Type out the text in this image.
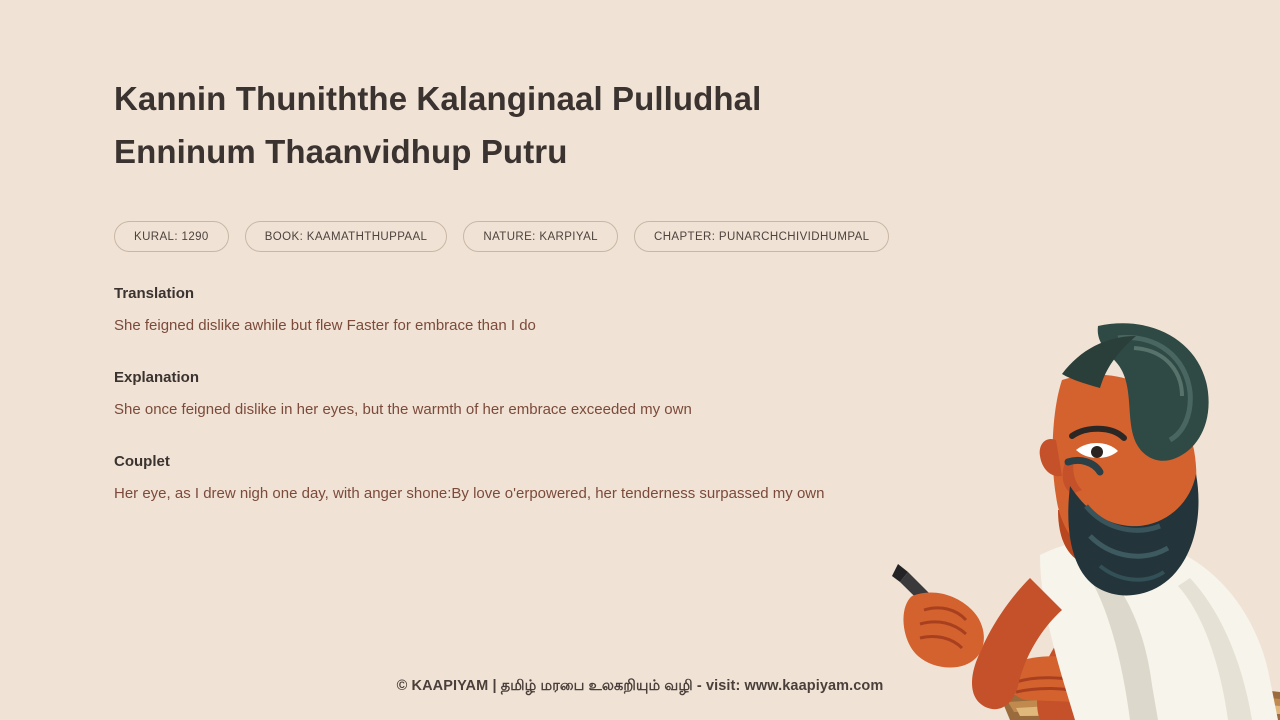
Kannin Thuniththe Kalanginaal Pulludhal
Enninum Thaanvidhup Putru
KURAL: 1290	BOOK: KAAMATHTHUPPAAL	NATURE: KARPIYAL	CHAPTER: PUNARCHCHIVIDHUMPAL
Translation
She feigned dislike awhile but flew Faster for embrace than I do
Explanation
She once feigned dislike in her eyes, but the warmth of her embrace exceeded my own
Couplet
Her eye, as I drew nigh one day, with anger shone:By love o'erpowered, her tenderness surpassed my own
© KAAPIYAM | தமிழ் மரபை உலகறியும் வழி - visit: www.kaapiyam.com
